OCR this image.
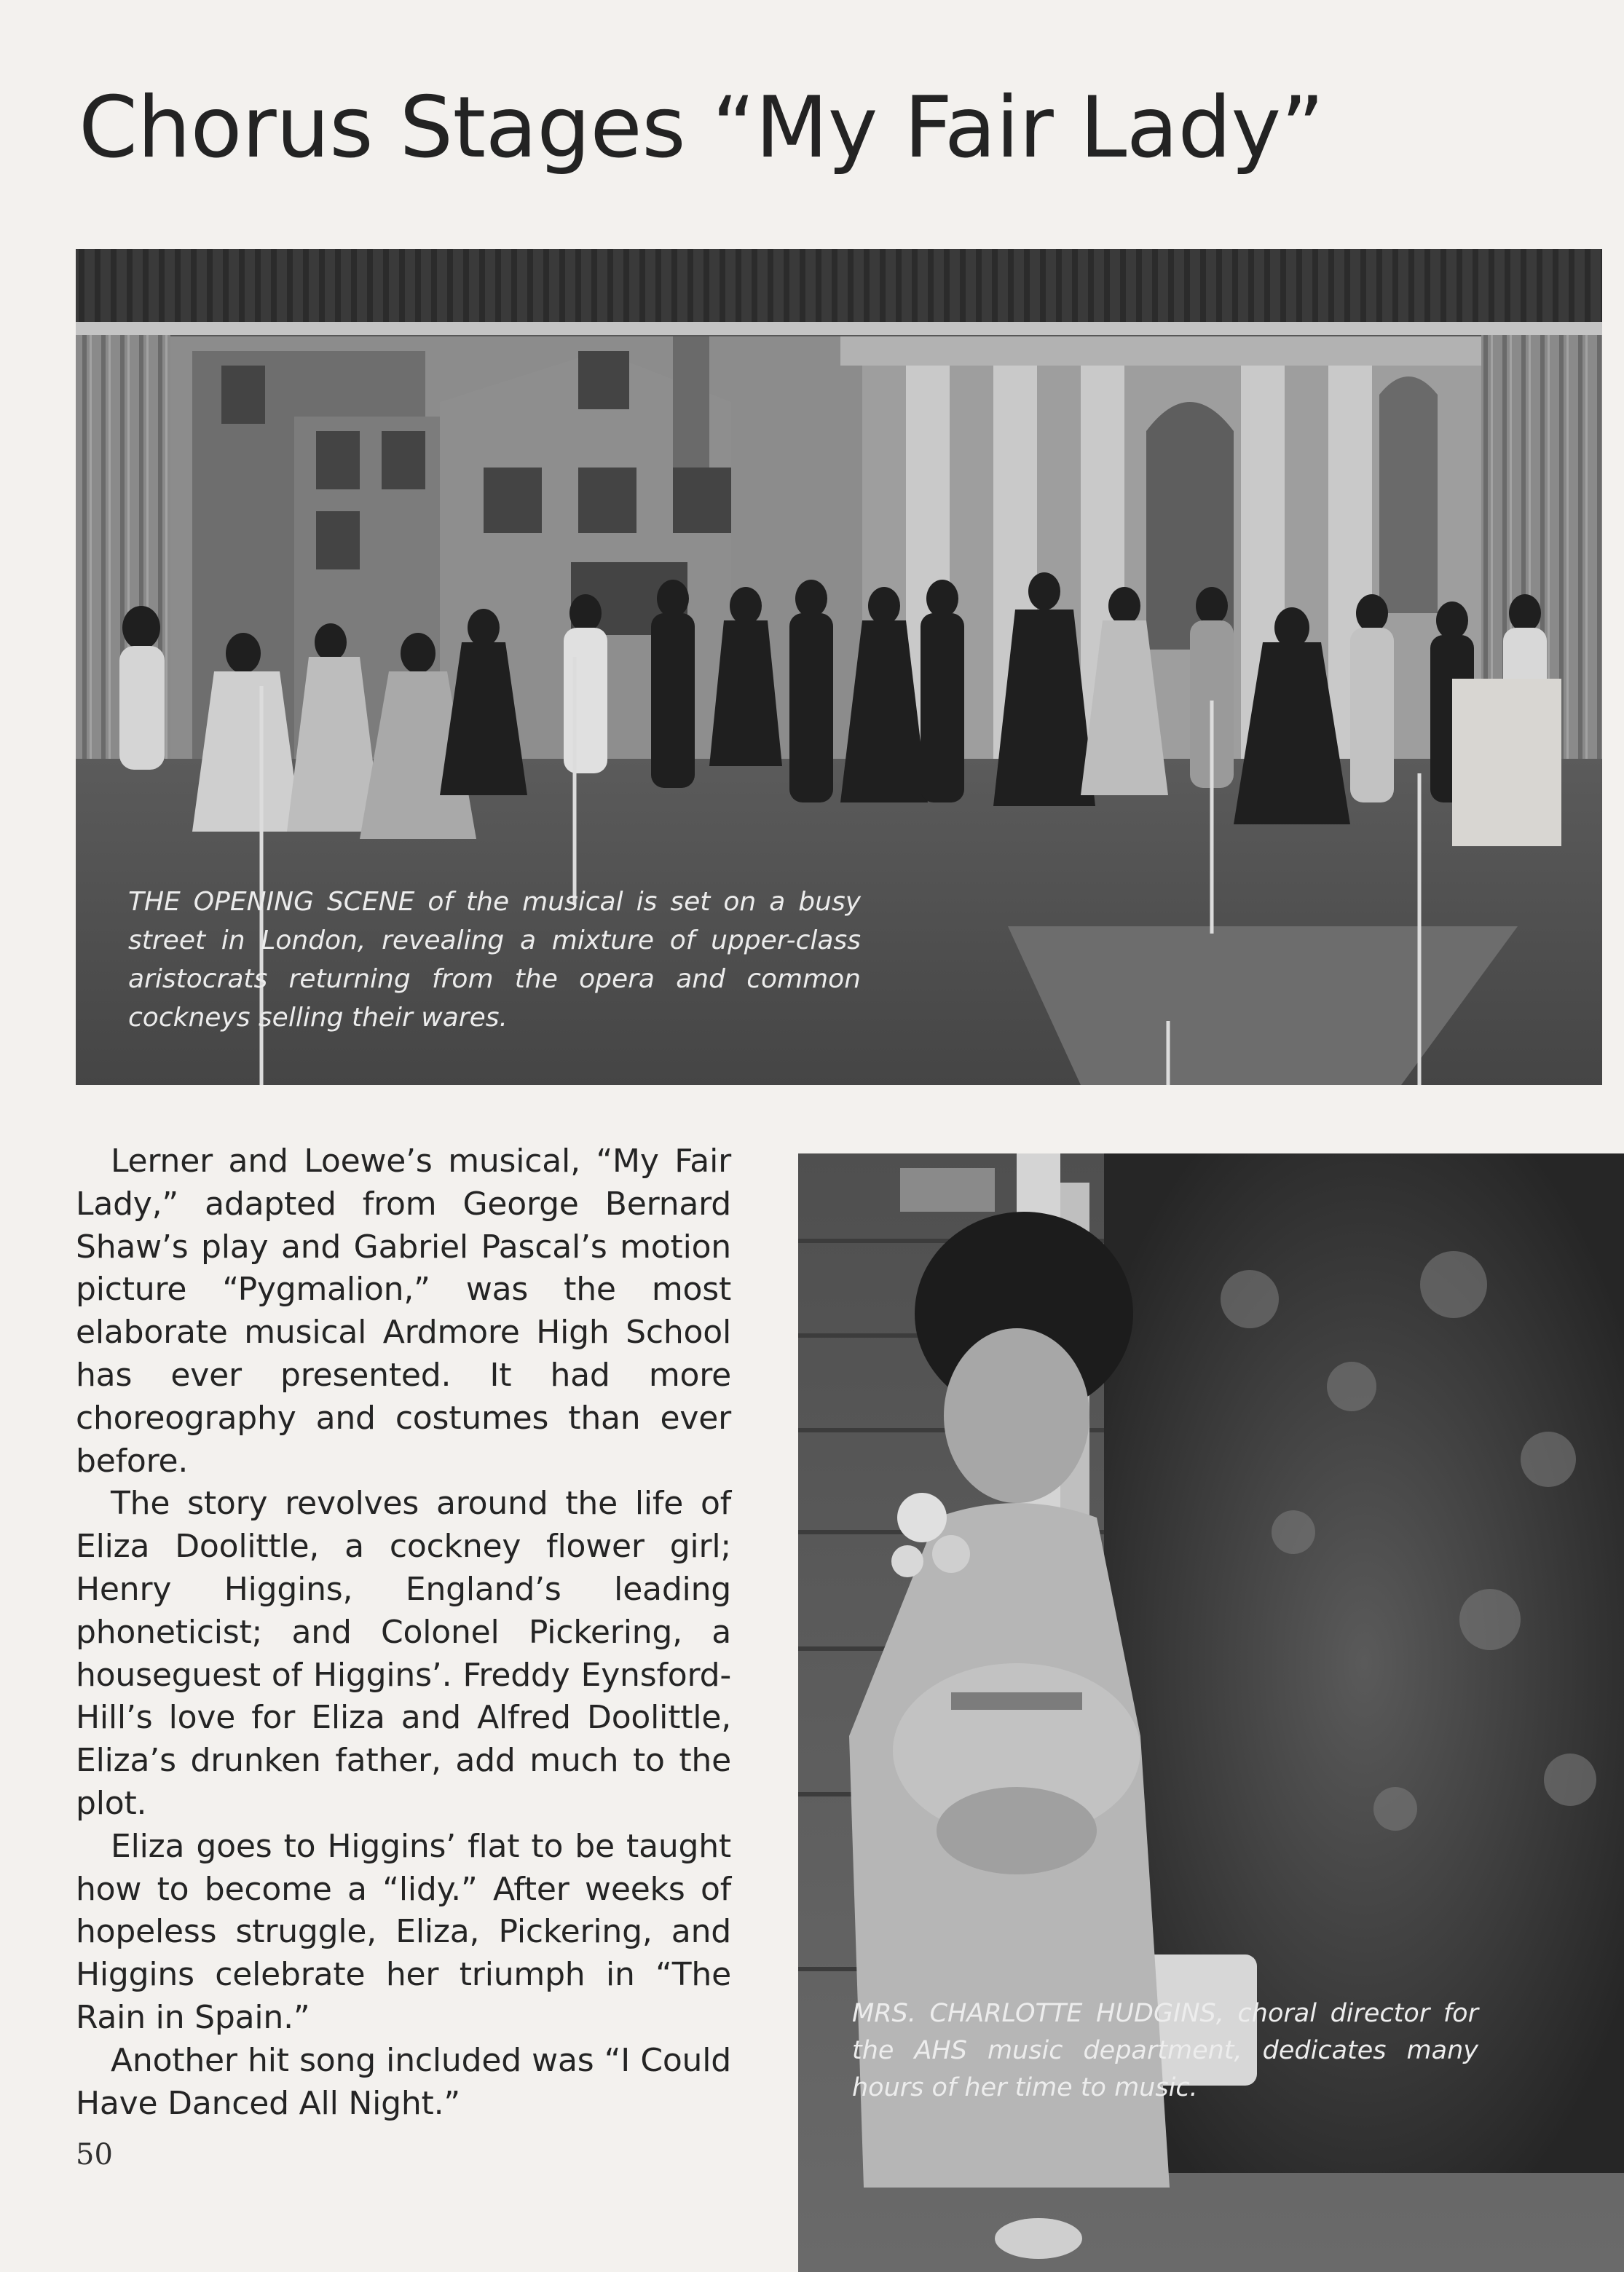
Chorus Stages “My Fair Lady”

THE OPENING SCENE of the musical is set on a busy street in London, revealing a mixture of upper-class aristocrats returning from the opera and common cockneys selling their wares.

Lerner and Loewe’s musical, “My Fair Lady,” adapted from George Bernard Shaw’s play and Gabriel Pascal’s motion picture “Pygmalion,” was the most elaborate musical Ardmore High School has ever presented. It had more choreography and costumes than ever before.

The story revolves around the life of Eliza Doolittle, a cockney flower girl; Henry Higgins, England’s leading phoneticist; and Colonel Pickering, a houseguest of Higgins’. Freddy Eynsford-Hill’s love for Eliza and Alfred Doolittle, Eliza’s drunken father, add much to the plot.

Eliza goes to Higgins’ flat to be taught how to become a “lidy.” After weeks of hopeless struggle, Eliza, Pickering, and Higgins celebrate her triumph in “The Rain in Spain.”

Another hit song included was “I Could Have Danced All Night.”

50

MRS. CHARLOTTE HUDGINS, choral director for the AHS music department, dedicates many hours of her time to music.
